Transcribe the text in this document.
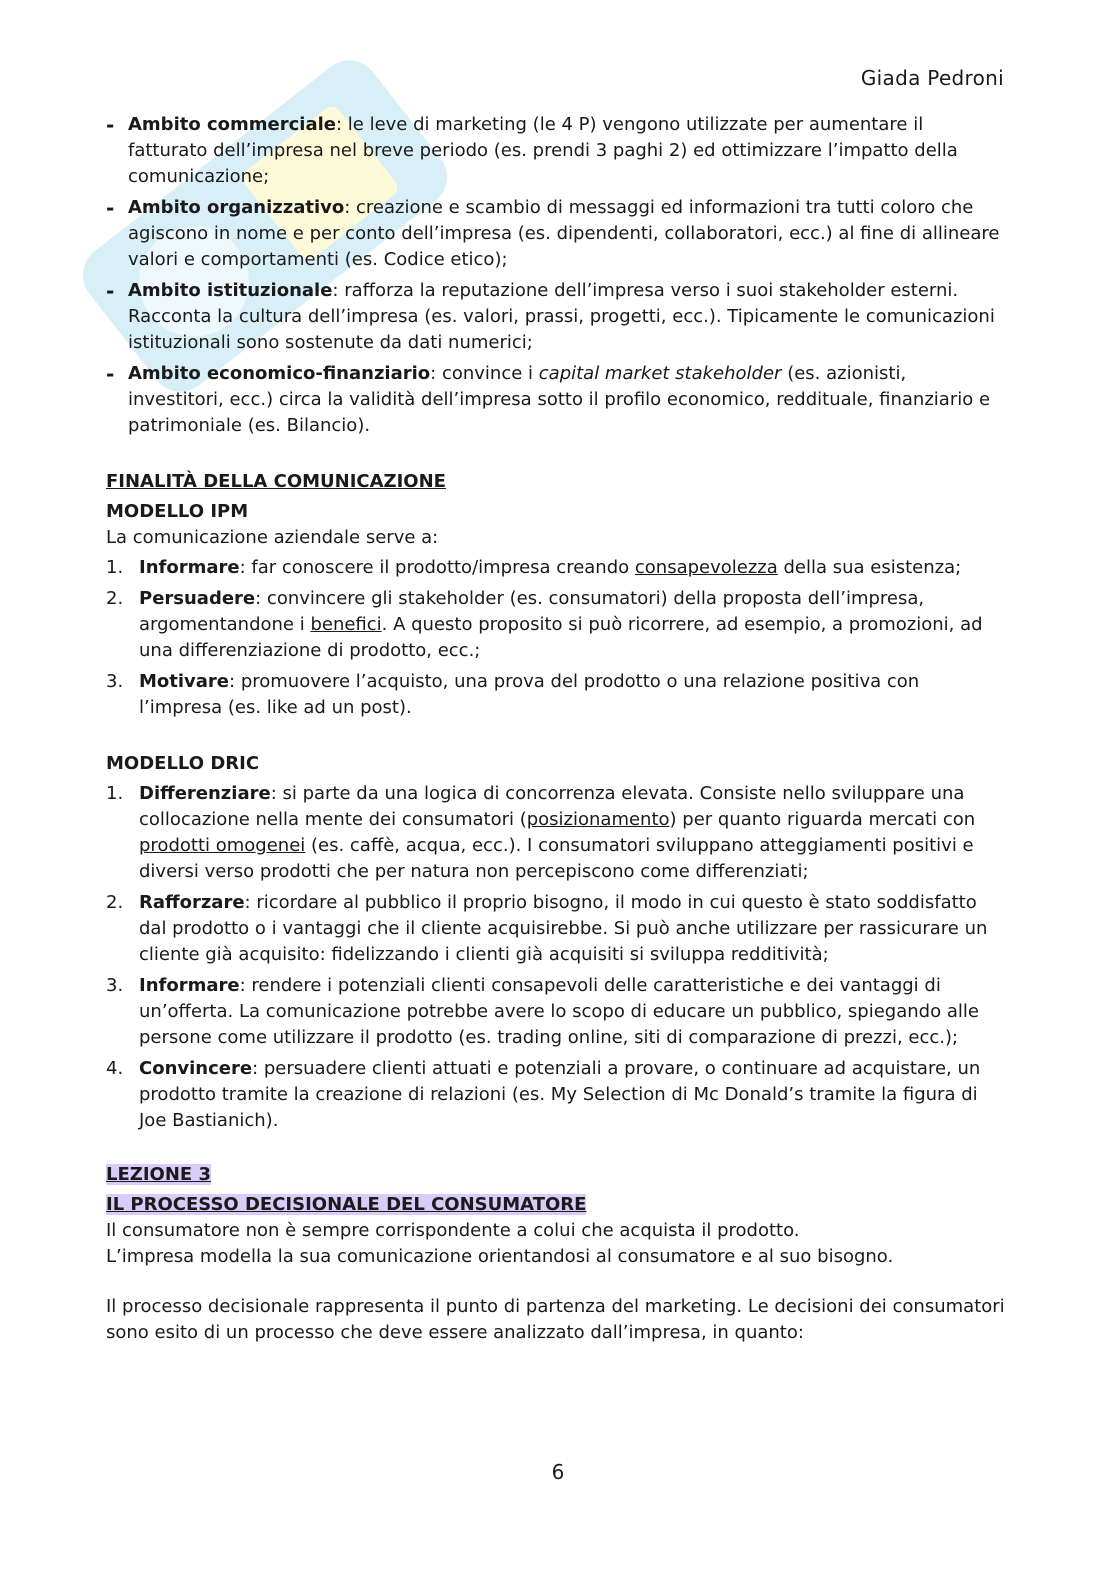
Giada Pedroni
- Ambito commerciale: le leve di marketing (le 4 P) vengono utilizzate per aumentare il fatturato dell’impresa nel breve periodo (es. prendi 3 paghi 2) ed ottimizzare l’impatto della comunicazione;
- Ambito organizzativo: creazione e scambio di messaggi ed informazioni tra tutti coloro che agiscono in nome e per conto dell’impresa (es. dipendenti, collaboratori, ecc.) al fine di allineare valori e comportamenti (es. Codice etico);
- Ambito istituzionale: rafforza la reputazione dell’impresa verso i suoi stakeholder esterni. Racconta la cultura dell’impresa (es. valori, prassi, progetti, ecc.). Tipicamente le comunicazioni istituzionali sono sostenute da dati numerici;
- Ambito economico-finanziario: convince i capital market stakeholder (es. azionisti, investitori, ecc.) circa la validità dell’impresa sotto il profilo economico, reddituale, finanziario e patrimoniale (es. Bilancio).
FINALITÀ DELLA COMUNICAZIONE
MODELLO IPM

La comunicazione aziendale serve a:

1. Informare: far conoscere il prodotto/impresa creando consapevolezza della sua esistenza;
2. Persuadere: convincere gli stakeholder (es. consumatori) della proposta dell’impresa, argomentandone i benefici. A questo proposito si può ricorrere, ad esempio, a promozioni, ad una differenziazione di prodotto, ecc.;
3. Motivare: promuovere l’acquisto, una prova del prodotto o una relazione positiva con l’impresa (es. like ad un post).
MODELLO DRIC
1. Differenziare: si parte da una logica di concorrenza elevata. Consiste nello sviluppare una collocazione nella mente dei consumatori (posizionamento) per quanto riguarda mercati con prodotti omogenei (es. caffè, acqua, ecc.). I consumatori sviluppano atteggiamenti positivi e diversi verso prodotti che per natura non percepiscono come differenziati;
2. Rafforzare: ricordare al pubblico il proprio bisogno, il modo in cui questo è stato soddisfatto dal prodotto o i vantaggi che il cliente acquisirebbe. Si può anche utilizzare per rassicurare un cliente già acquisito: fidelizzando i clienti già acquisiti si sviluppa redditività;
3. Informare: rendere i potenziali clienti consapevoli delle caratteristiche e dei vantaggi di un’offerta. La comunicazione potrebbe avere lo scopo di educare un pubblico, spiegando alle persone come utilizzare il prodotto (es. trading online, siti di comparazione di prezzi, ecc.);
4. Convincere: persuadere clienti attuati e potenziali a provare, o continuare ad acquistare, un prodotto tramite la creazione di relazioni (es. My Selection di Mc Donald’s tramite la figura di Joe Bastianich).
LEZIONE 3
IL PROCESSO DECISIONALE DEL CONSUMATORE

Il consumatore non è sempre corrispondente a colui che acquista il prodotto.

L’impresa modella la sua comunicazione orientandosi al consumatore e al suo bisogno.

Il processo decisionale rappresenta il punto di partenza del marketing. Le decisioni dei consumatori sono esito di un processo che deve essere analizzato dall’impresa, in quanto:

6
